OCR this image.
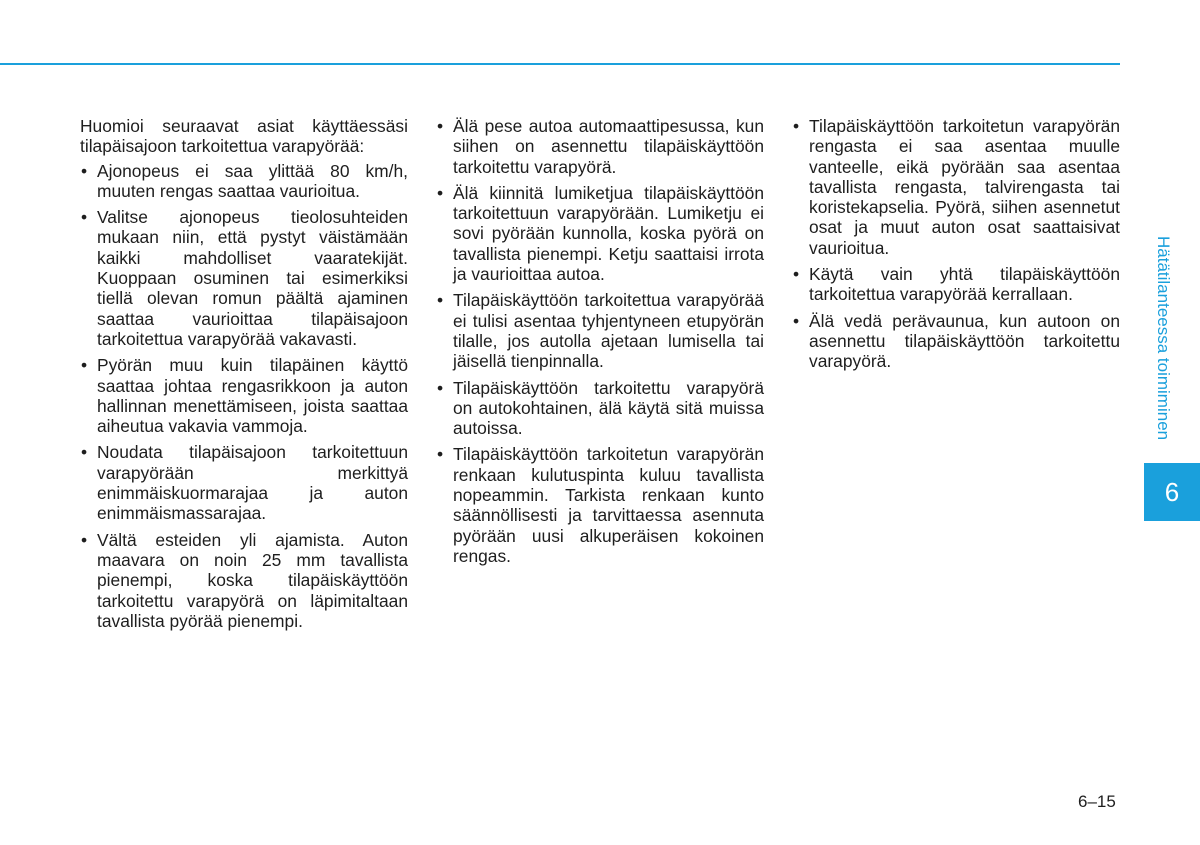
Huomioi seuraavat asiat käyttäessäsi tilapäisajoon tarkoitettua varapyörää:

• Ajonopeus ei saa ylittää 80 km/h, muuten rengas saattaa vaurioitua.
• Valitse ajonopeus tieolosuhteiden mukaan niin, että pystyt väistämään kaikki mahdolliset vaaratekijät. Kuoppaan osuminen tai esimerkiksi tiellä olevan romun päältä ajaminen saattaa vaurioittaa tilapäisajoon tarkoitettua varapyörää vakavasti.
• Pyörän muu kuin tilapäinen käyttö saattaa johtaa rengasrikkoon ja auton hallinnan menettämiseen, joista saattaa aiheutua vakavia vammoja.
• Noudata tilapäisajoon tarkoitettuun varapyörään merkittyä enimmäiskuormarajaa ja auton enimmäismassarajaa.
• Vältä esteiden yli ajamista. Auton maavara on noin 25 mm tavallista pienempi, koska tilapäiskäyttöön tarkoitettu varapyörä on läpimitaltaan tavallista pyörää pienempi.
• Älä pese autoa automaattipesussa, kun siihen on asennettu tilapäiskäyttöön tarkoitettu varapyörä.
• Älä kiinnitä lumiketjua tilapäiskäyttöön tarkoitettuun varapyörään. Lumiketju ei sovi pyörään kunnolla, koska pyörä on tavallista pienempi. Ketju saattaisi irrota ja vaurioittaa autoa.
• Tilapäiskäyttöön tarkoitettua varapyörää ei tulisi asentaa tyhjentyneen etupyörän tilalle, jos autolla ajetaan lumisella tai jäisellä tienpinnalla.
• Tilapäiskäyttöön tarkoitettu varapyörä on autokohtainen, älä käytä sitä muissa autoissa.
• Tilapäiskäyttöön tarkoitetun varapyörän renkaan kulutuspinta kuluu tavallista nopeammin. Tarkista renkaan kunto säännöllisesti ja tarvittaessa asennuta pyörään uusi alkuperäisen kokoinen rengas.
• Tilapäiskäyttöön tarkoitetun varapyörän rengasta ei saa asentaa muulle vanteelle, eikä pyörään saa asentaa tavallista rengasta, talvirengasta tai koristekapselia. Pyörä, siihen asennetut osat ja muut auton osat saattaisivat vaurioitua.
• Käytä vain yhtä tilapäiskäyttöön tarkoitettua varapyörää kerrallaan.
• Älä vedä perävaunua, kun autoon on asennettu tilapäiskäyttöön tarkoitettu varapyörä.	Hätätilanteessa toimiminen
6
6–15
